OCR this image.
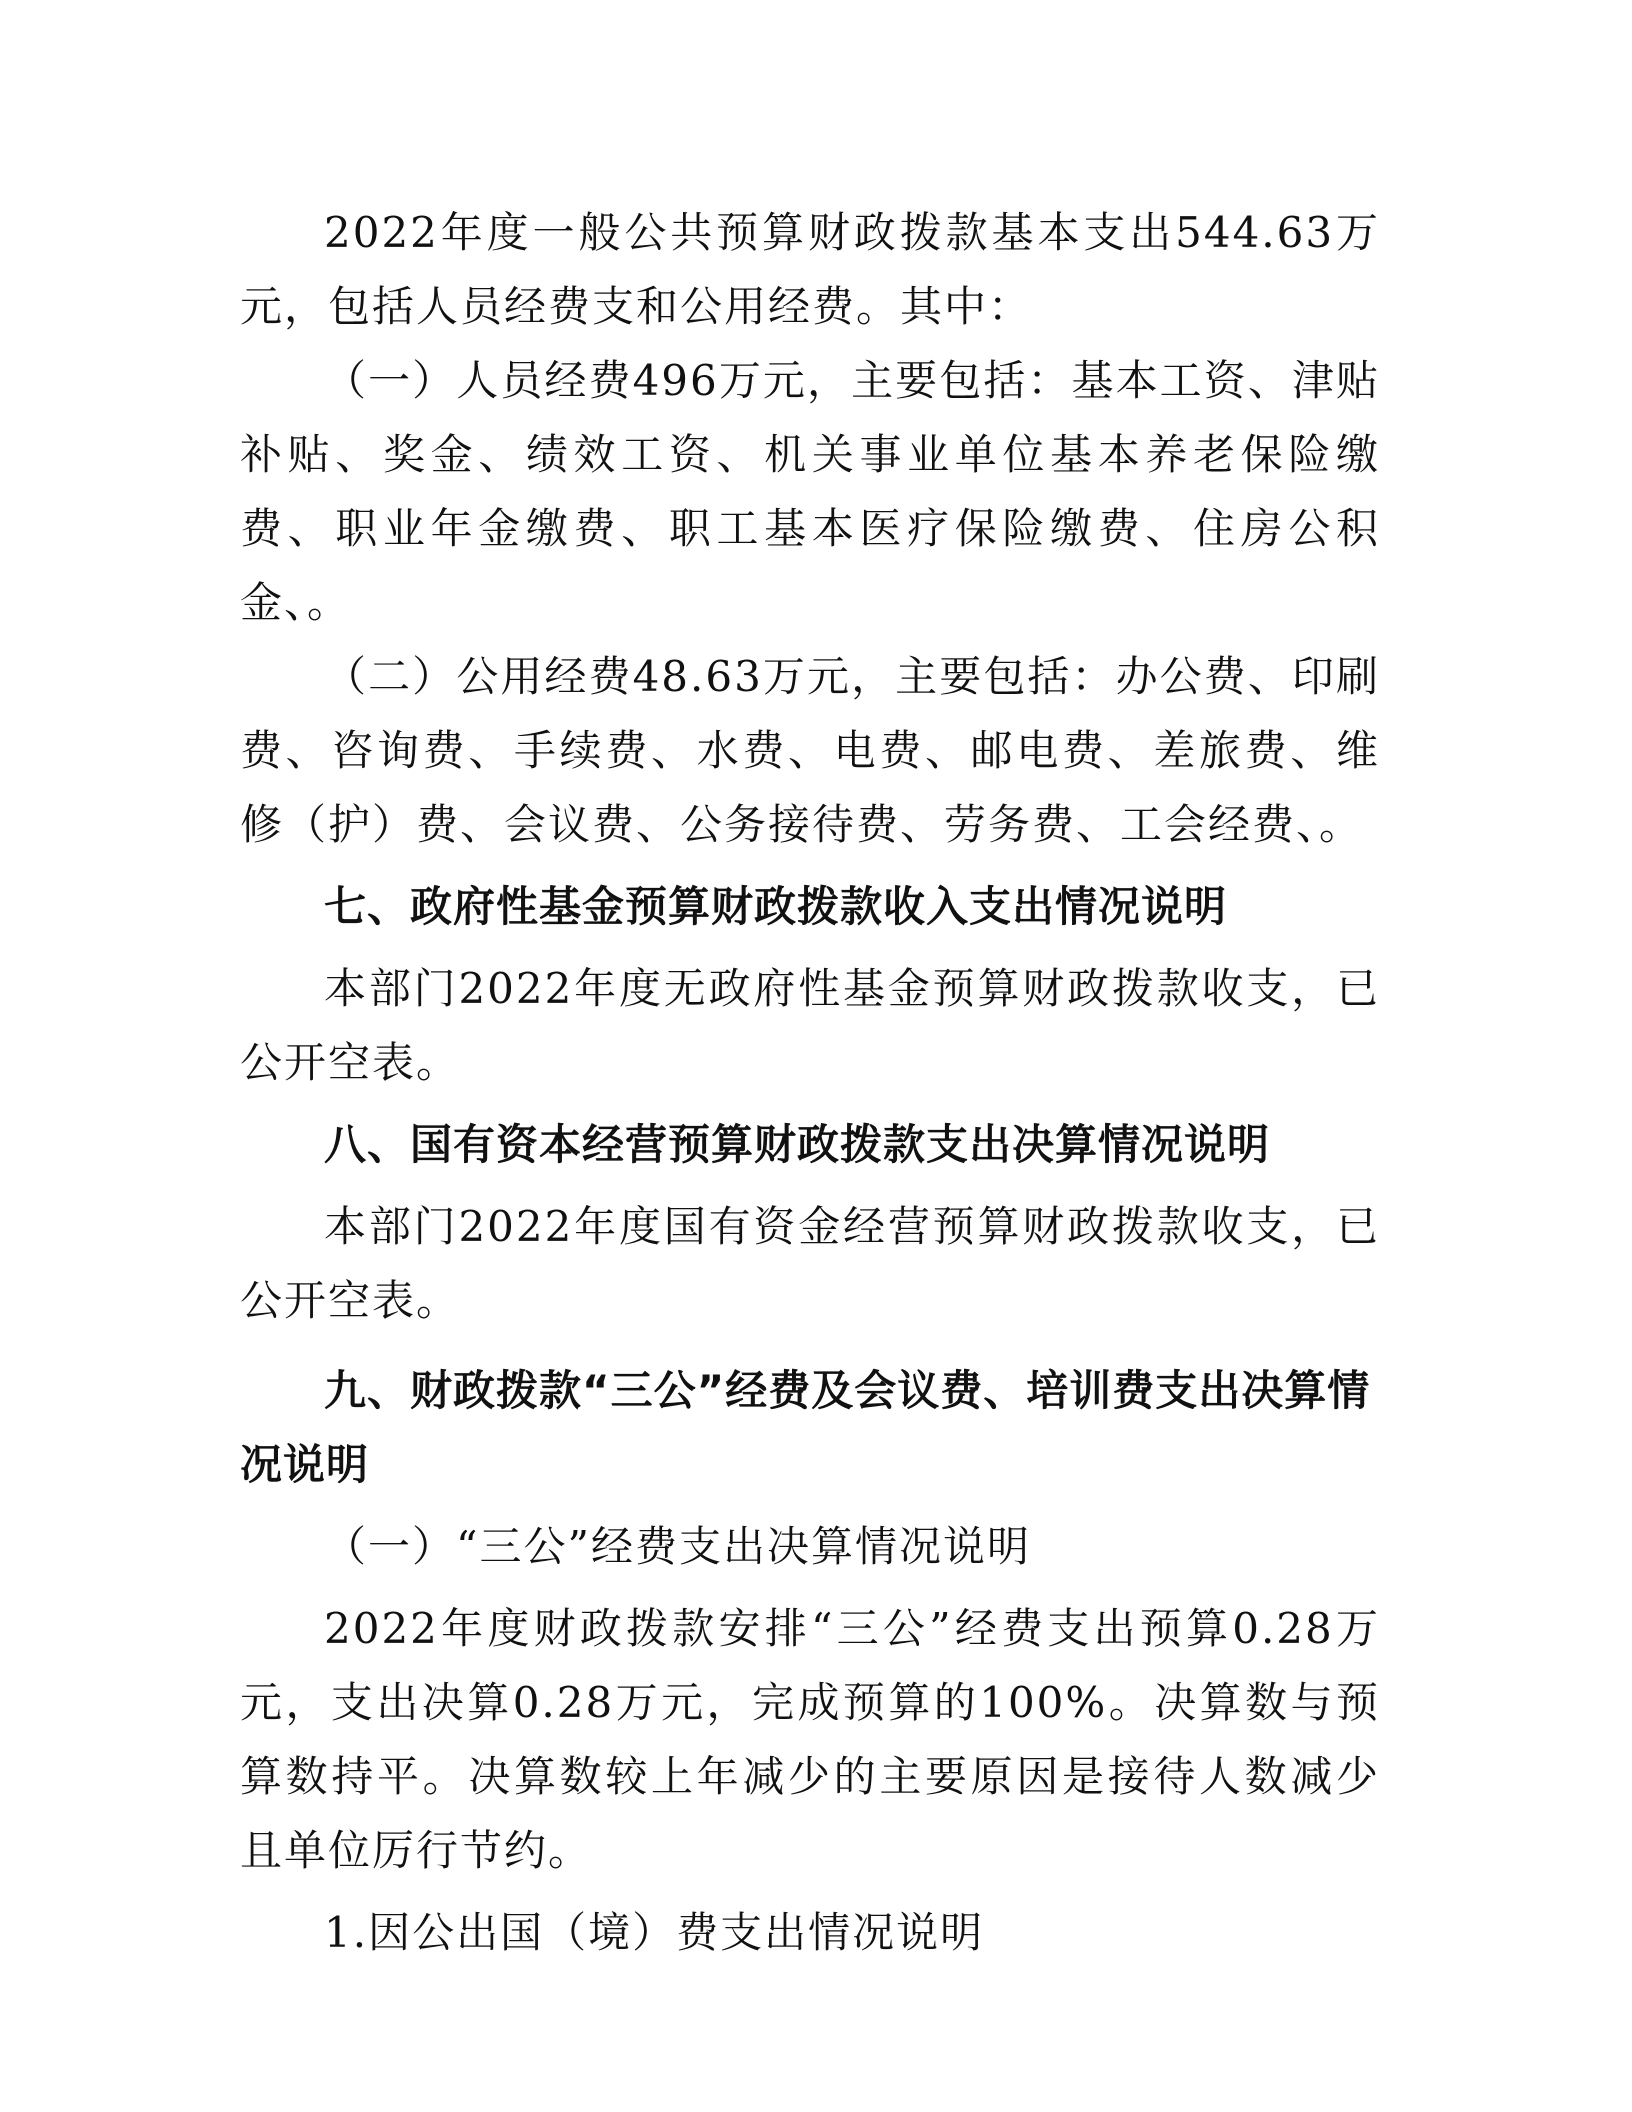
2022年度一般公共预算财政拨款基本支出544.63万元，包括人员经费支和公用经费。其中：

（一）人员经费496万元，主要包括：基本工资、津贴补贴、奖金、绩效工资、机关事业单位基本养老保险缴费、职业年金缴费、职工基本医疗保险缴费、住房公积金、。

（二）公用经费48.63万元，主要包括：办公费、印刷费、咨询费、手续费、水费、电费、邮电费、差旅费、维修（护）费、会议费、公务接待费、劳务费、工会经费、。

七、政府性基金预算财政拨款收入支出情况说明

本部门2022年度无政府性基金预算财政拨款收支，已公开空表。

八、国有资本经营预算财政拨款支出决算情况说明

本部门2022年度国有资金经营预算财政拨款收支，已公开空表。

九、财政拨款“三公”经费及会议费、培训费支出决算情况说明

（一）“三公”经费支出决算情况说明

2022年度财政拨款安排“三公”经费支出预算0.28万元，支出决算0.28万元，完成预算的100%。决算数与预算数持平。决算数较上年减少的主要原因是接待人数减少且单位厉行节约。

1.因公出国（境）费支出情况说明
